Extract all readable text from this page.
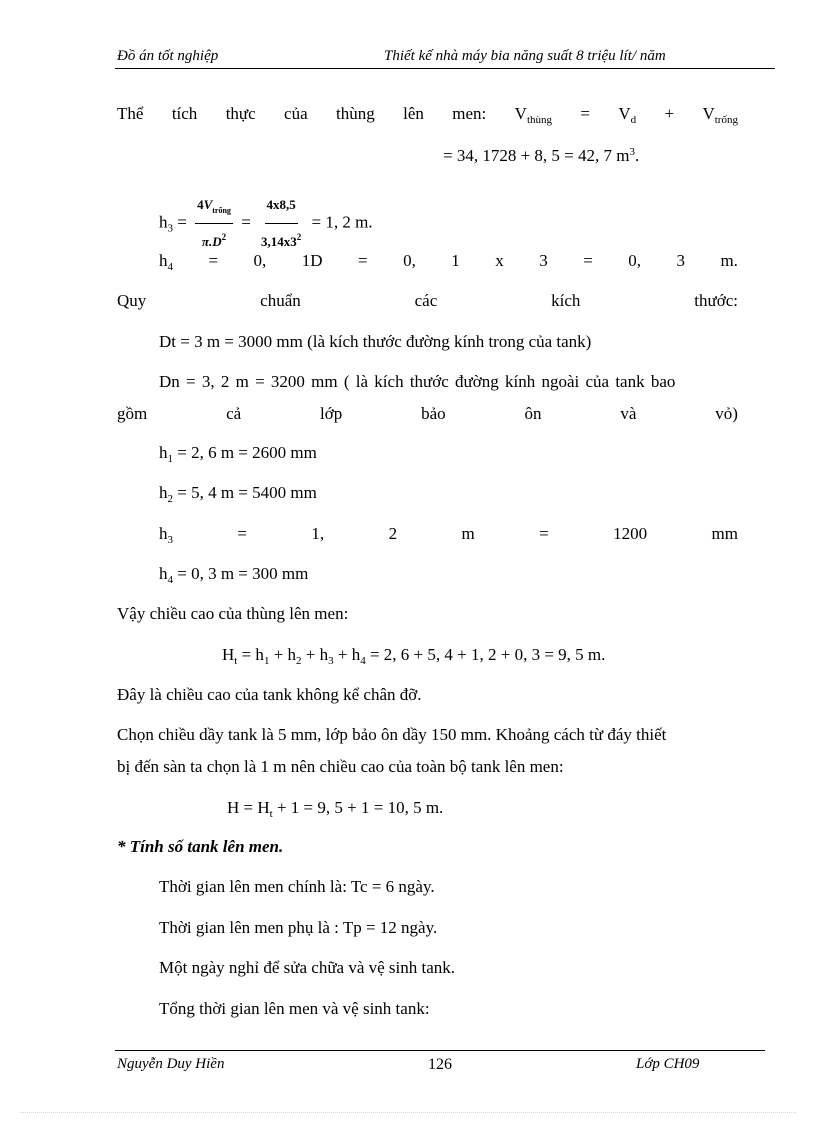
Đồ án tốt nghiệp	Thiết kế nhà máy bia năng suất 8 triệu lít/ năm
Thể tích thực của thùng lên men: $V_{thùng} = V_d + V_{trống}$
= 34, 1728 + 8, 5 = 42, 7 $m^3$.
$h_3 = \frac{4V_{trống}}{\pi.D^2} = \frac{4x8,5}{3,14x3^2} = 1$, 2 m.
$h_4 = 0$, 1D = 0, 1 x 3 = 0, 3 m.
Quy	chuẩn	các	kích	thước:
Dt = 3 m = 3000 mm (là kích thước đường kính trong của tank)
Dn = 3, 2 m = 3200 mm ( là kích thước đường kính ngoài của tank bao
gồm	cả	lớp	bảo	ôn	và	vỏ)
$h_1 = 2$, 6 m = 2600 mm
$h_2 = 5$, 4 m = 5400 mm
$h_3$	=	1,	2	m	=	1200	mm
$h_4 = 0$, 3 m = 300 mm
Vậy chiều cao của thùng lên men:
$H_t = h_1 + h_2 + h_3 + h_4 = 2$, 6 + 5, 4 + 1, 2 + 0, 3 = 9, 5 m.
Đây là chiều cao của tank không kể chân đỡ.
Chọn chiều dầy tank là 5 mm, lớp bảo ôn dầy 150 mm. Khoảng cách từ đáy thiết
bị đến sàn ta chọn là 1 m nên chiều cao của toàn bộ tank lên men:
$H = H_t + 1 = 9$, 5 + 1 = 10, 5 m.
* Tính số tank lên men.
Thời gian lên men chính là: Tc = 6 ngày.
Thời gian lên men phụ là : Tp = 12 ngày.
Một ngày nghỉ để sửa chữa và vệ sinh tank.
Tổng thời gian lên men và vệ sinh tank:
Nguyễn Duy Hiền	126	Lớp CH09
